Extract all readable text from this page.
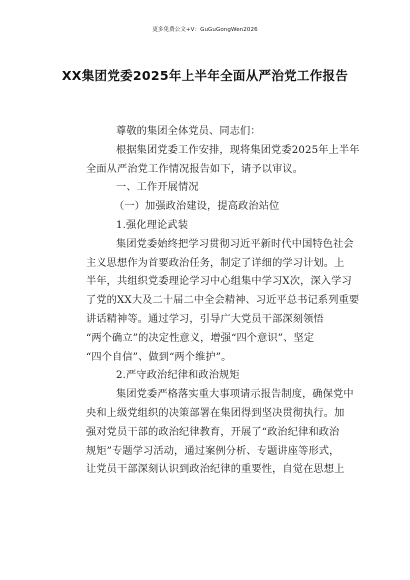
更多免费公文+V：GuGuGongWen2026
XX集团党委2025年上半年全面从严治党工作报告

尊敬的集团全体党员、同志们：

根据集团党委工作安排，现将集团党委2025年上半年

全面从严治党工作情况报告如下，请予以审议。

一、工作开展情况

（一）加强政治建设，提高政治站位

1.强化理论武装

集团党委始终把学习贯彻习近平新时代中国特色社会

主义思想作为首要政治任务，制定了详细的学习计划。上

半年，共组织党委理论学习中心组集中学习X次，深入学习

了党的XX大及二十届二中全会精神、习近平总书记系列重要

讲话精神等。通过学习，引导广大党员干部深刻领悟

“两个确立”的决定性意义，增强“四个意识”、坚定

“四个自信”、做到“两个维护”。

2.严守政治纪律和政治规矩

集团党委严格落实重大事项请示报告制度，确保党中

央和上级党组织的决策部署在集团得到坚决贯彻执行。加

强对党员干部的政治纪律教育，开展了“政治纪律和政治

规矩”专题学习活动，通过案例分析、专题讲座等形式，

让党员干部深刻认识到政治纪律的重要性，自觉在思想上
